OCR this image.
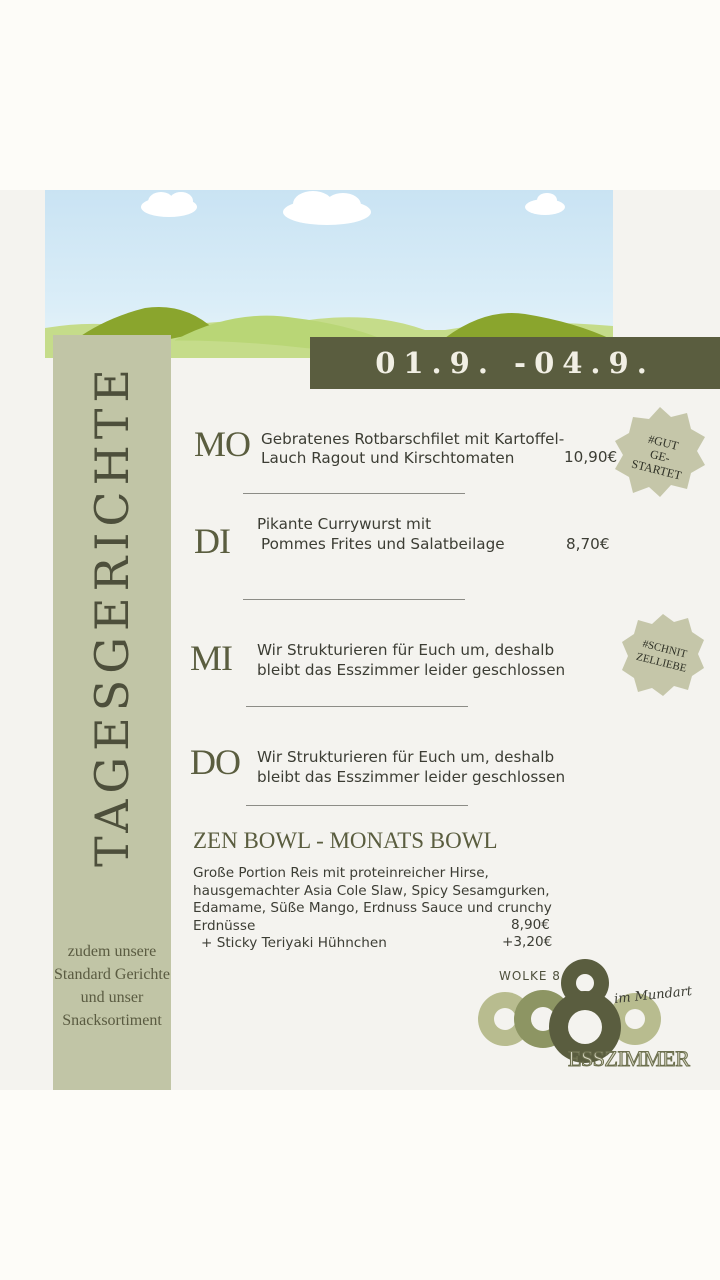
TAGESGERICHTE
zudem unsere Standard Gerichte und unser Snacksortiment
01.9. -04.9.
MO Gebratenes Rotbarschfilet mit Kartoffel-
Lauch Ragout und Kirschtomaten	10,90€
DI Pikante Currywurst mit
Pommes Frites und Salatbeilage	8,70€
MI Wir Strukturieren für Euch um, deshalb
bleibt das Esszimmer leider geschlossen
DO Wir Strukturieren für Euch um, deshalb
bleibt das Esszimmer leider geschlossen
#GUT
GE-
STARTET
#SCHNIT
ZELLIEBE
ZEN BOWL - MONATS BOWL
Große Portion Reis mit proteinreicher Hirse,
hausgemachter Asia Cole Slaw, Spicy Sesamgurken,
Edamame, Süße Mango, Erdnuss Sauce und crunchy
Erdnüsse
+ Sticky Teriyaki Hühnchen
8,90€
+3,20€
WOLKE 8
im Mundart
ESSZIMMER
